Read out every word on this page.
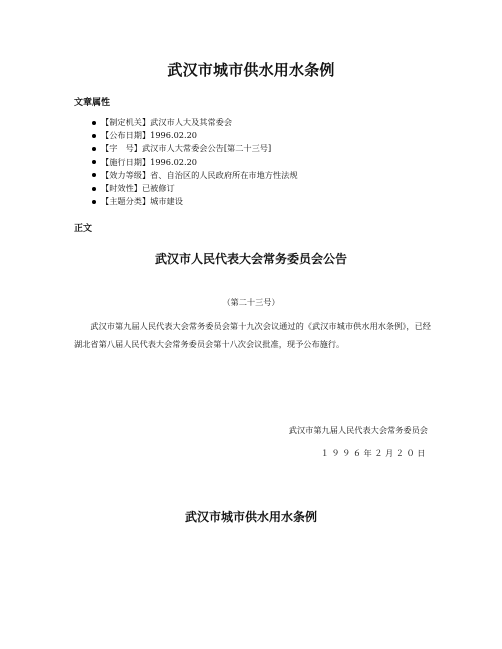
武汉市城市供水用水条例
文章属性
【制定机关】武汉市人大及其常委会
【公布日期】1996.02.20
【字　号】武汉市人大常委会公告[第二十三号]
【施行日期】1996.02.20
【效力等级】省、自治区的人民政府所在市地方性法规
【时效性】已被修订
【主题分类】城市建设
正文
武汉市人民代表大会常务委员会公告
（第二十三号）

武汉市第九届人民代表大会常务委员会第十九次会议通过的《武汉市城市供水用水条例》，已经湖北省第八届人民代表大会常务委员会第十八次会议批准，现予公布施行。

武汉市第九届人民代表大会常务委员会
１９９６年２月２０日
武汉市城市供水用水条例
